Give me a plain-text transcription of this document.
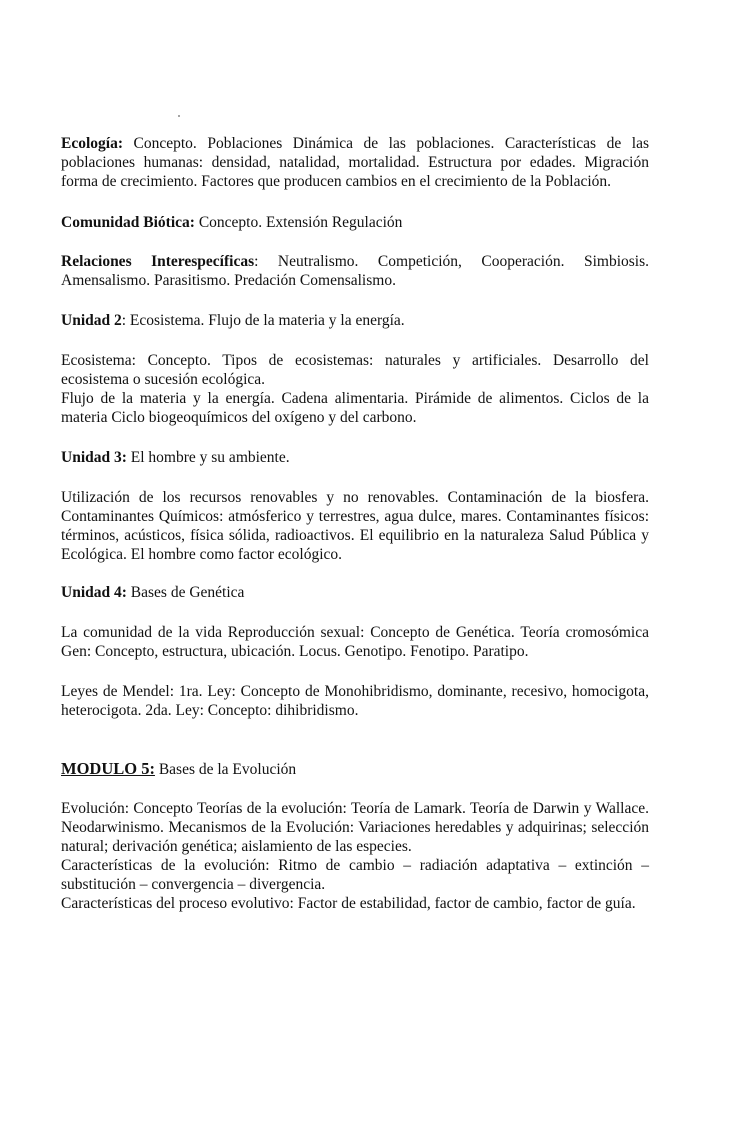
Ecología: Concepto. Poblaciones Dinámica de las poblaciones. Características de las poblaciones humanas: densidad, natalidad, mortalidad. Estructura por edades. Migración forma de crecimiento. Factores que producen cambios en el crecimiento de la Población.

Comunidad Biótica: Concepto. Extensión Regulación

Relaciones Interespecíficas: Neutralismo. Competición, Cooperación. Simbiosis. Amensalismo. Parasitismo. Predación Comensalismo.

Unidad 2: Ecosistema. Flujo de la materia y la energía.

Ecosistema: Concepto. Tipos de ecosistemas: naturales y artificiales. Desarrollo del ecosistema o sucesión ecológica.

Flujo de la materia y la energía. Cadena alimentaria. Pirámide de alimentos. Ciclos de la materia Ciclo biogeoquímicos del oxígeno y del carbono.

Unidad 3: El hombre y su ambiente.

Utilización de los recursos renovables y no renovables. Contaminación de la biosfera. Contaminantes Químicos: atmósferico y terrestres, agua dulce, mares. Contaminantes físicos: términos, acústicos, física sólida, radioactivos. El equilibrio en la naturaleza Salud Pública y Ecológica. El hombre como factor ecológico.

Unidad 4: Bases de Genética

La comunidad de la vida Reproducción sexual: Concepto de Genética. Teoría cromosómica Gen: Concepto, estructura, ubicación. Locus. Genotipo. Fenotipo. Paratipo.

Leyes de Mendel: 1ra. Ley: Concepto de Monohibridismo, dominante, recesivo, homocigota, heterocigota. 2da. Ley: Concepto: dihibridismo.

MODULO 5: Bases de la Evolución

Evolución: Concepto Teorías de la evolución: Teoría de Lamark. Teoría de Darwin y Wallace. Neodarwinismo. Mecanismos de la Evolución: Variaciones heredables y adquirinas; selección natural; derivación genética; aislamiento de las especies.

Características de la evolución: Ritmo de cambio – radiación adaptativa – extinción – substitución – convergencia – divergencia.

Características del proceso evolutivo: Factor de estabilidad, factor de cambio, factor de guía.
